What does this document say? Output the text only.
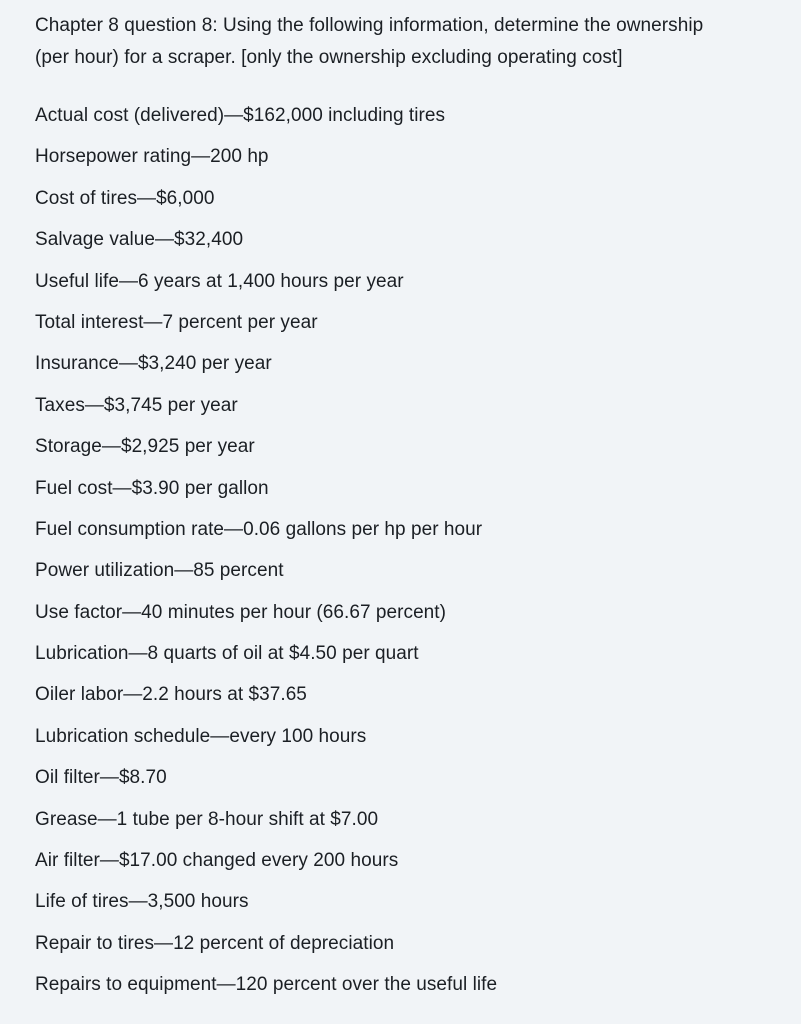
Chapter 8 question 8: Using the following information, determine the ownership
(per hour) for a scraper. [only the ownership excluding operating cost]

Actual cost (delivered)—$162,000 including tires
Horsepower rating—200 hp
Cost of tires—$6,000
Salvage value—$32,400
Useful life—6 years at 1,400 hours per year
Total interest—7 percent per year
Insurance—$3,240 per year
Taxes—$3,745 per year
Storage—$2,925 per year
Fuel cost—$3.90 per gallon
Fuel consumption rate—0.06 gallons per hp per hour
Power utilization—85 percent
Use factor—40 minutes per hour (66.67 percent)
Lubrication—8 quarts of oil at $4.50 per quart
Oiler labor—2.2 hours at $37.65
Lubrication schedule—every 100 hours
Oil filter—$8.70
Grease—1 tube per 8-hour shift at $7.00
Air filter—$17.00 changed every 200 hours
Life of tires—3,500 hours
Repair to tires—12 percent of depreciation
Repairs to equipment—120 percent over the useful life
